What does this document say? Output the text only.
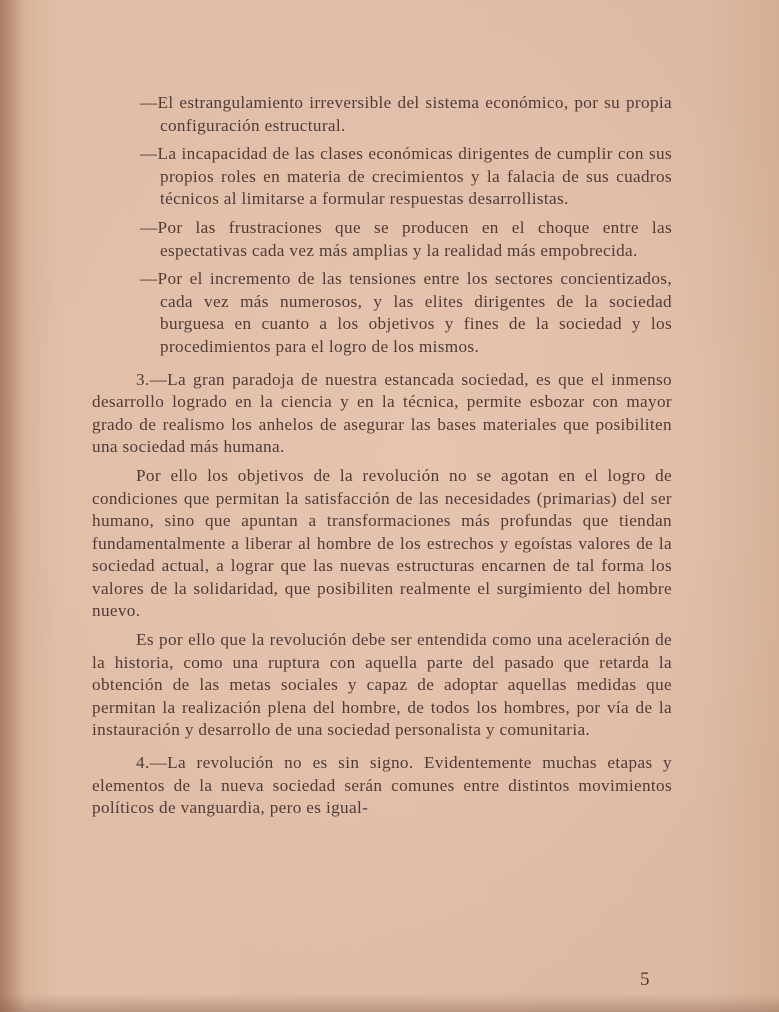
—El estrangulamiento irreversible del sistema económico, por su propia configuración estructural.

—La incapacidad de las clases económicas dirigentes de cumplir con sus propios roles en materia de crecimientos y la falacia de sus cuadros técnicos al limitarse a formular respuestas desarrollistas.

—Por las frustraciones que se producen en el choque entre las espectativas cada vez más amplias y la realidad más empobrecida.

—Por el incremento de las tensiones entre los sectores concientizados, cada vez más numerosos, y las elites dirigentes de la sociedad burguesa en cuanto a los objetivos y fines de la sociedad y los procedimientos para el logro de los mismos.

3.—La gran paradoja de nuestra estancada sociedad, es que el inmenso desarrollo logrado en la ciencia y en la técnica, permite esbozar con mayor grado de realismo los anhelos de asegurar las bases materiales que posibiliten una sociedad más humana.

Por ello los objetivos de la revolución no se agotan en el logro de condiciones que permitan la satisfacción de las necesidades (primarias) del ser humano, sino que apuntan a transformaciones más profundas que tiendan fundamentalmente a liberar al hombre de los estrechos y egoístas valores de la sociedad actual, a lograr que las nuevas estructuras encarnen de tal forma los valores de la solidaridad, que posibiliten realmente el surgimiento del hombre nuevo.

Es por ello que la revolución debe ser entendida como una aceleración de la historia, como una ruptura con aquella parte del pasado que retarda la obtención de las metas sociales y capaz de adoptar aquellas medidas que permitan la realización plena del hombre, de todos los hombres, por vía de la instauración y desarrollo de una sociedad personalista y comunitaria.

4.—La revolución no es sin signo. Evidentemente muchas etapas y elementos de la nueva sociedad serán comunes entre distintos movimientos políticos de vanguardia, pero es igual-

5
